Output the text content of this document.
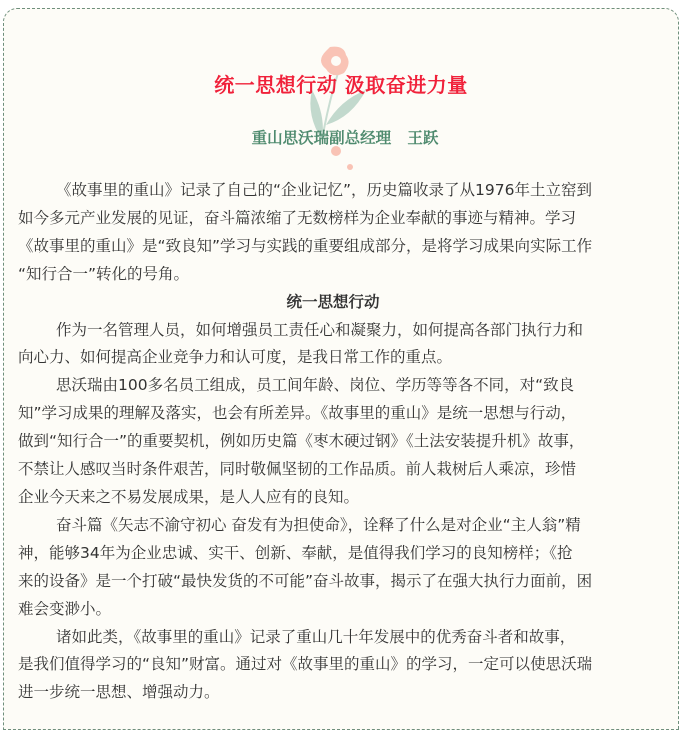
统一思想行动 汲取奋进力量
重山思沃瑞副总经理   王跃
《故事里的重山》记录了自己的“企业记忆”，历史篇收录了从1976年土立窑到
如今多元产业发展的见证，奋斗篇浓缩了无数榜样为企业奉献的事迹与精神。学习
《故事里的重山》是“致良知”学习与实践的重要组成部分，是将学习成果向实际工作
“知行合一”转化的号角。
统一思想行动
作为一名管理人员，如何增强员工责任心和凝聚力，如何提高各部门执行力和
向心力、如何提高企业竞争力和认可度，是我日常工作的重点。
思沃瑞由100多名员工组成，员工间年龄、岗位、学历等等各不同，对“致良
知”学习成果的理解及落实，也会有所差异。《故事里的重山》是统一思想与行动，
做到“知行合一”的重要契机，例如历史篇《枣木硬过钢》《土法安装提升机》故事，
不禁让人感叹当时条件艰苦，同时敬佩坚韧的工作品质。前人栽树后人乘凉，珍惜
企业今天来之不易发展成果，是人人应有的良知。
奋斗篇《矢志不渝守初心 奋发有为担使命》，诠释了什么是对企业“主人翁”精
神，能够34年为企业忠诚、实干、创新、奉献，是值得我们学习的良知榜样；《抢
来的设备》是一个打破“最快发货的不可能”奋斗故事，揭示了在强大执行力面前，困
难会变渺小。
诸如此类，《故事里的重山》记录了重山几十年发展中的优秀奋斗者和故事，
是我们值得学习的“良知”财富。通过对《故事里的重山》的学习，一定可以使思沃瑞
进一步统一思想、增强动力。
